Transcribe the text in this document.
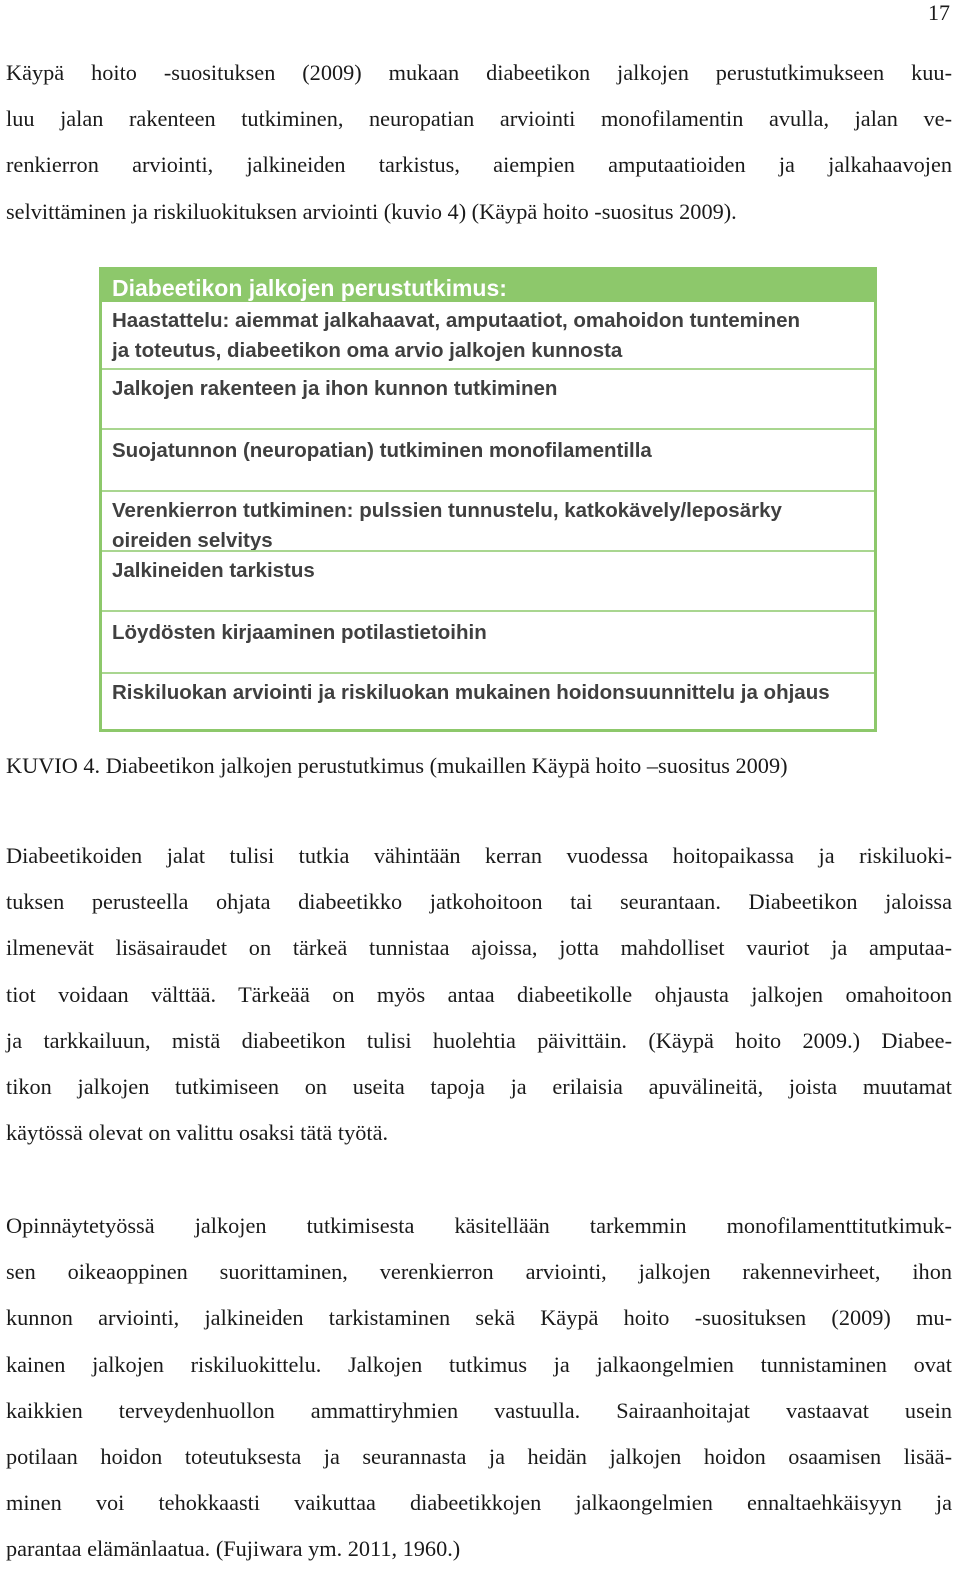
17

Käypä hoito -suosituksen (2009) mukaan diabeetikon jalkojen perustutkimukseen kuu-
luu jalan rakenteen tutkiminen, neuropatian arviointi monofilamentin avulla, jalan ve-
renkierron arviointi, jalkineiden tarkistus, aiempien amputaatioiden ja jalkahaavojen
selvittäminen ja riskiluokituksen arviointi (kuvio 4) (Käypä hoito -suositus 2009).

Diabeetikon jalkojen perustutkimus:
Haastattelu: aiemmat jalkahaavat, amputaatiot, omahoidon tunteminen
ja toteutus, diabeetikon oma arvio jalkojen kunnosta
Jalkojen rakenteen ja ihon kunnon tutkiminen
Suojatunnon (neuropatian) tutkiminen monofilamentilla
Verenkierron tutkiminen: pulssien tunnustelu, katkokävely/leposärky
oireiden selvitys
Jalkineiden tarkistus
Löydösten kirjaaminen potilastietoihin
Riskiluokan arviointi ja riskiluokan mukainen hoidonsuunnittelu ja ohjaus
KUVIO 4. Diabeetikon jalkojen perustutkimus (mukaillen Käypä hoito –suositus 2009)

Diabeetikoiden jalat tulisi tutkia vähintään kerran vuodessa hoitopaikassa ja riskiluoki-
tuksen perusteella ohjata diabeetikko jatkohoitoon tai seurantaan. Diabeetikon jaloissa
ilmenevät lisäsairaudet on tärkeä tunnistaa ajoissa, jotta mahdolliset vauriot ja amputaa-
tiot voidaan välttää. Tärkeää on myös antaa diabeetikolle ohjausta jalkojen omahoitoon
ja tarkkailuun, mistä diabeetikon tulisi huolehtia päivittäin. (Käypä hoito 2009.) Diabee-
tikon jalkojen tutkimiseen on useita tapoja ja erilaisia apuvälineitä, joista muutamat
käytössä olevat on valittu osaksi tätä työtä.

Opinnäytetyössä jalkojen tutkimisesta käsitellään tarkemmin monofilamenttitutkimuk-
sen oikeaoppinen suorittaminen, verenkierron arviointi, jalkojen rakennevirheet, ihon
kunnon arviointi, jalkineiden tarkistaminen sekä Käypä hoito -suosituksen (2009) mu-
kainen jalkojen riskiluokittelu. Jalkojen tutkimus ja jalkaongelmien tunnistaminen ovat
kaikkien terveydenhuollon ammattiryhmien vastuulla. Sairaanhoitajat vastaavat usein
potilaan hoidon toteutuksesta ja seurannasta ja heidän jalkojen hoidon osaamisen lisää-
minen voi tehokkaasti vaikuttaa diabeetikkojen jalkaongelmien ennaltaehkäisyyn ja
parantaa elämänlaatua. (Fujiwara ym. 2011, 1960.)
